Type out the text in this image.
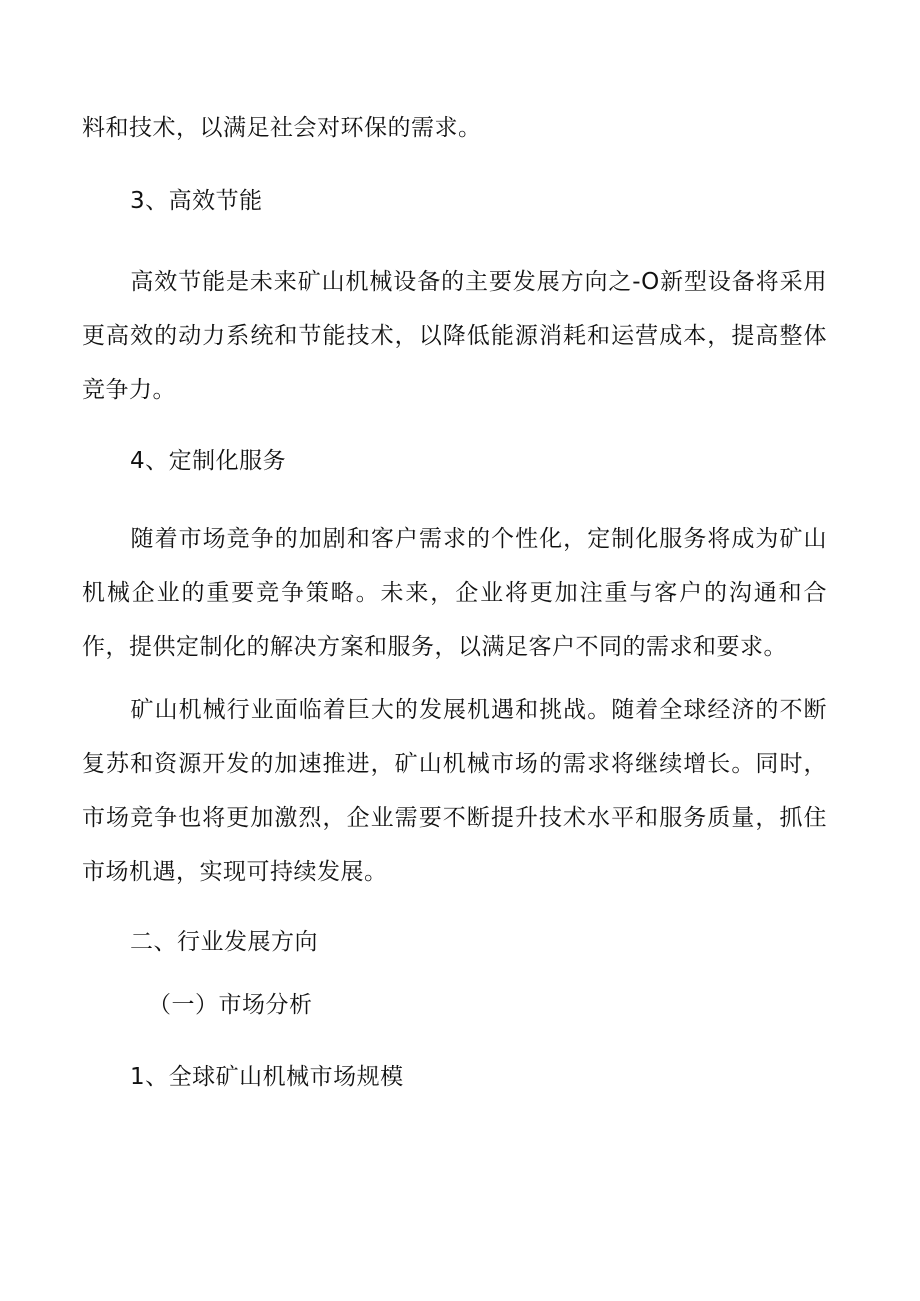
料和技术，以满足社会对环保的需求。
3、高效节能
高效节能是未来矿山机械设备的主要发展方向之-O新型设备将采用更高效的动力系统和节能技术，以降低能源消耗和运营成本，提高整体竞争力。
4、定制化服务
随着市场竞争的加剧和客户需求的个性化，定制化服务将成为矿山机械企业的重要竞争策略。未来，企业将更加注重与客户的沟通和合作，提供定制化的解决方案和服务，以满足客户不同的需求和要求。
矿山机械行业面临着巨大的发展机遇和挑战。随着全球经济的不断复苏和资源开发的加速推进，矿山机械市场的需求将继续增长。同时，市场竞争也将更加激烈，企业需要不断提升技术水平和服务质量，抓住市场机遇，实现可持续发展。
二、行业发展方向
（一）市场分析
1、全球矿山机械市场规模
